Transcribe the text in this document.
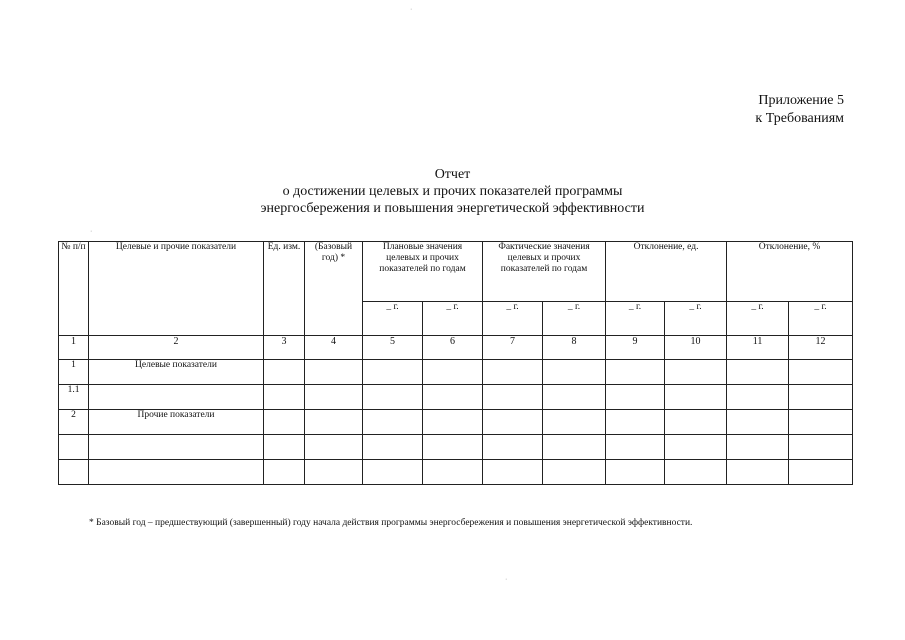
Приложение 5
к Требованиям
Отчет
о достижении целевых и прочих показателей программы
энергосбережения и повышения энергетической эффективности
№ п/п	Целевые и прочие показатели	Ед. изм.	(Базовый год) *	Плановые значения целевых и прочих показателей по годам		Фактические значения целевых и прочих показателей по годам		Отклонение, ед.		Отклонение, %	
				_ г.	_ г.	_ г.	_ г.	_ г.	_ г.	_ г.	_ г.
1	2	3	4	5	6	7	8	9	10	11	12
1	Целевые показатели										
1.1											
2	Прочие показатели										

* Базовый год – предшествующий (завершенный) году начала действия программы энергосбережения и повышения энергетической эффективности.
·
·
·
